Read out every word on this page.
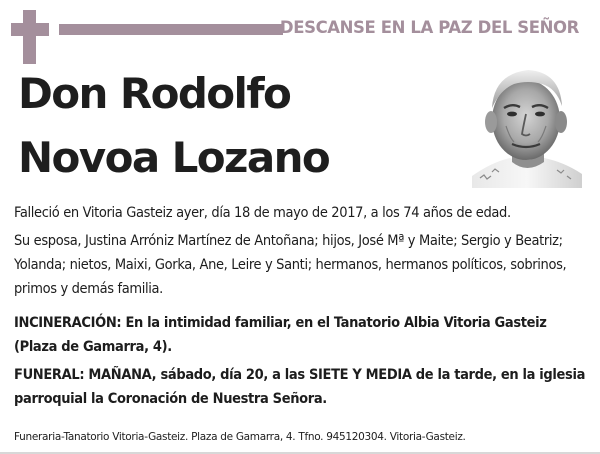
DESCANSE EN LA PAZ DEL SEÑOR
Don Rodolfo
Novoa Lozano
Falleció en Vitoria Gasteiz ayer, día 18 de mayo de 2017, a los 74 años de edad.
Su esposa, Justina Arróniz Martínez de Antoñana; hijos, José Mª y Maite; Sergio y Beatriz; Yolanda; nietos, Maixi, Gorka, Ane, Leire y Santi; hermanos, hermanos políticos, sobrinos, primos y demás familia.
INCINERACIÓN: En la intimidad familiar, en el Tanatorio Albia Vitoria Gasteiz (Plaza de Gamarra, 4).
FUNERAL: MAÑANA, sábado, día 20, a las SIETE Y MEDIA de la tarde, en la iglesia parroquial la Coronación de Nuestra Señora.
Funeraria-Tanatorio Vitoria-Gasteiz. Plaza de Gamarra, 4. Tfno. 945120304. Vitoria-Gasteiz.
